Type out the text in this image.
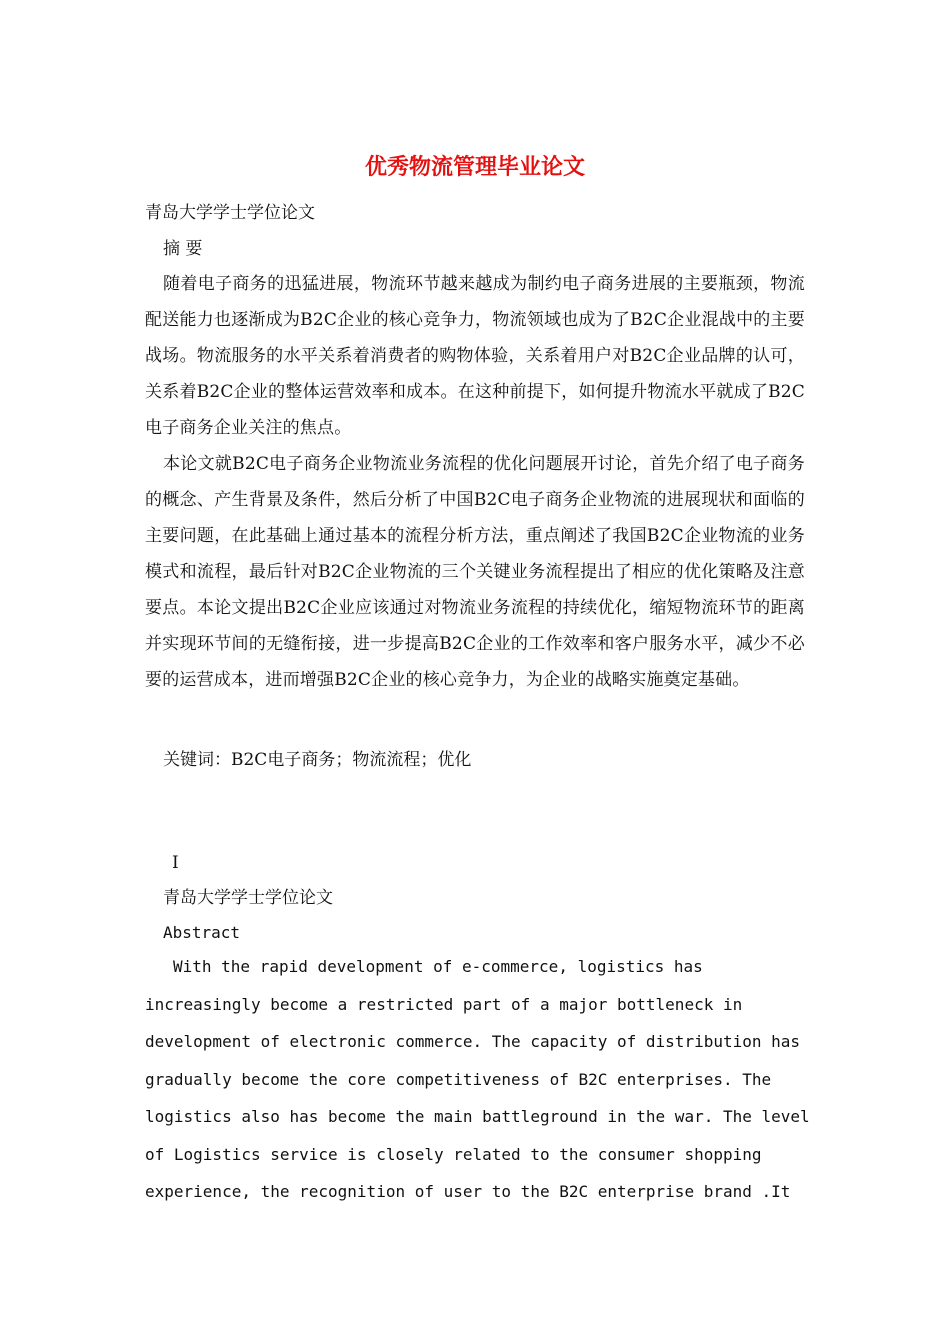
优秀物流管理毕业论文

青岛大学学士学位论文

摘 要

随着电子商务的迅猛进展，物流环节越来越成为制约电子商务进展的主要瓶颈，物流配送能力也逐渐成为B2C企业的核心竞争力，物流领域也成为了B2C企业混战中的主要战场。物流服务的水平关系着消费者的购物体验，关系着用户对B2C企业品牌的认可，关系着B2C企业的整体运营效率和成本。在这种前提下，如何提升物流水平就成了B2C电子商务企业关注的焦点。

本论文就B2C电子商务企业物流业务流程的优化问题展开讨论，首先介绍了电子商务的概念、产生背景及条件，然后分析了中国B2C电子商务企业物流的进展现状和面临的主要问题，在此基础上通过基本的流程分析方法，重点阐述了我国B2C企业物流的业务模式和流程，最后针对B2C企业物流的三个关键业务流程提出了相应的优化策略及注意要点。本论文提出B2C企业应该通过对物流业务流程的持续优化，缩短物流环节的距离并实现环节间的无缝衔接，进一步提高B2C企业的工作效率和客户服务水平，减少不必要的运营成本，进而增强B2C企业的核心竞争力，为企业的战略实施奠定基础。

关键词：B2C电子商务；物流流程；优化

I

青岛大学学士学位论文

Abstract

With the rapid development of e-commerce, logistics has increasingly become a restricted part of a major bottleneck in development of electronic commerce. The capacity of distribution has gradually become the core competitiveness of B2C enterprises. The logistics also has become the main battleground in the war. The level of Logistics service is closely related to the consumer shopping experience, the recognition of user to the B2C enterprise brand .It
